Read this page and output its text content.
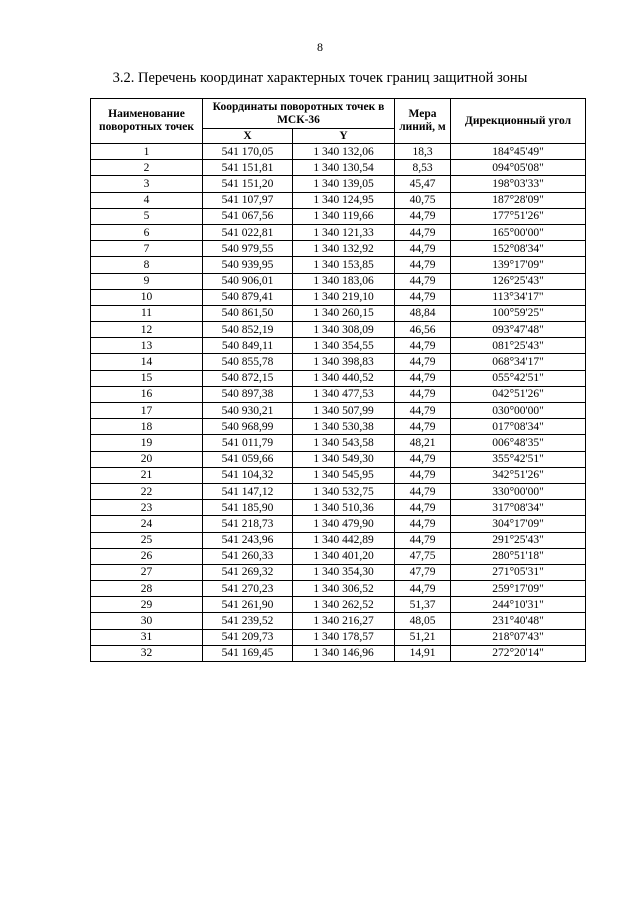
8
3.2. Перечень координат характерных точек границ защитной зоны
Наименование поворотных точек	Координаты поворотных точек в МСК-36		Мера линий, м	Дирекционный угол
	X	Y		
1	541 170,05	1 340 132,06	18,3	184°45'49"
2	541 151,81	1 340 130,54	8,53	094°05'08"
3	541 151,20	1 340 139,05	45,47	198°03'33"
4	541 107,97	1 340 124,95	40,75	187°28'09"
5	541 067,56	1 340 119,66	44,79	177°51'26"
6	541 022,81	1 340 121,33	44,79	165°00'00"
7	540 979,55	1 340 132,92	44,79	152°08'34"
8	540 939,95	1 340 153,85	44,79	139°17'09"
9	540 906,01	1 340 183,06	44,79	126°25'43"
10	540 879,41	1 340 219,10	44,79	113°34'17"
11	540 861,50	1 340 260,15	48,84	100°59'25"
12	540 852,19	1 340 308,09	46,56	093°47'48"
13	540 849,11	1 340 354,55	44,79	081°25'43"
14	540 855,78	1 340 398,83	44,79	068°34'17"
15	540 872,15	1 340 440,52	44,79	055°42'51"
16	540 897,38	1 340 477,53	44,79	042°51'26"
17	540 930,21	1 340 507,99	44,79	030°00'00"
18	540 968,99	1 340 530,38	44,79	017°08'34"
19	541 011,79	1 340 543,58	48,21	006°48'35"
20	541 059,66	1 340 549,30	44,79	355°42'51"
21	541 104,32	1 340 545,95	44,79	342°51'26"
22	541 147,12	1 340 532,75	44,79	330°00'00"
23	541 185,90	1 340 510,36	44,79	317°08'34"
24	541 218,73	1 340 479,90	44,79	304°17'09"
25	541 243,96	1 340 442,89	44,79	291°25'43"
26	541 260,33	1 340 401,20	47,75	280°51'18"
27	541 269,32	1 340 354,30	47,79	271°05'31"
28	541 270,23	1 340 306,52	44,79	259°17'09"
29	541 261,90	1 340 262,52	51,37	244°10'31"
30	541 239,52	1 340 216,27	48,05	231°40'48"
31	541 209,73	1 340 178,57	51,21	218°07'43"
32	541 169,45	1 340 146,96	14,91	272°20'14"
